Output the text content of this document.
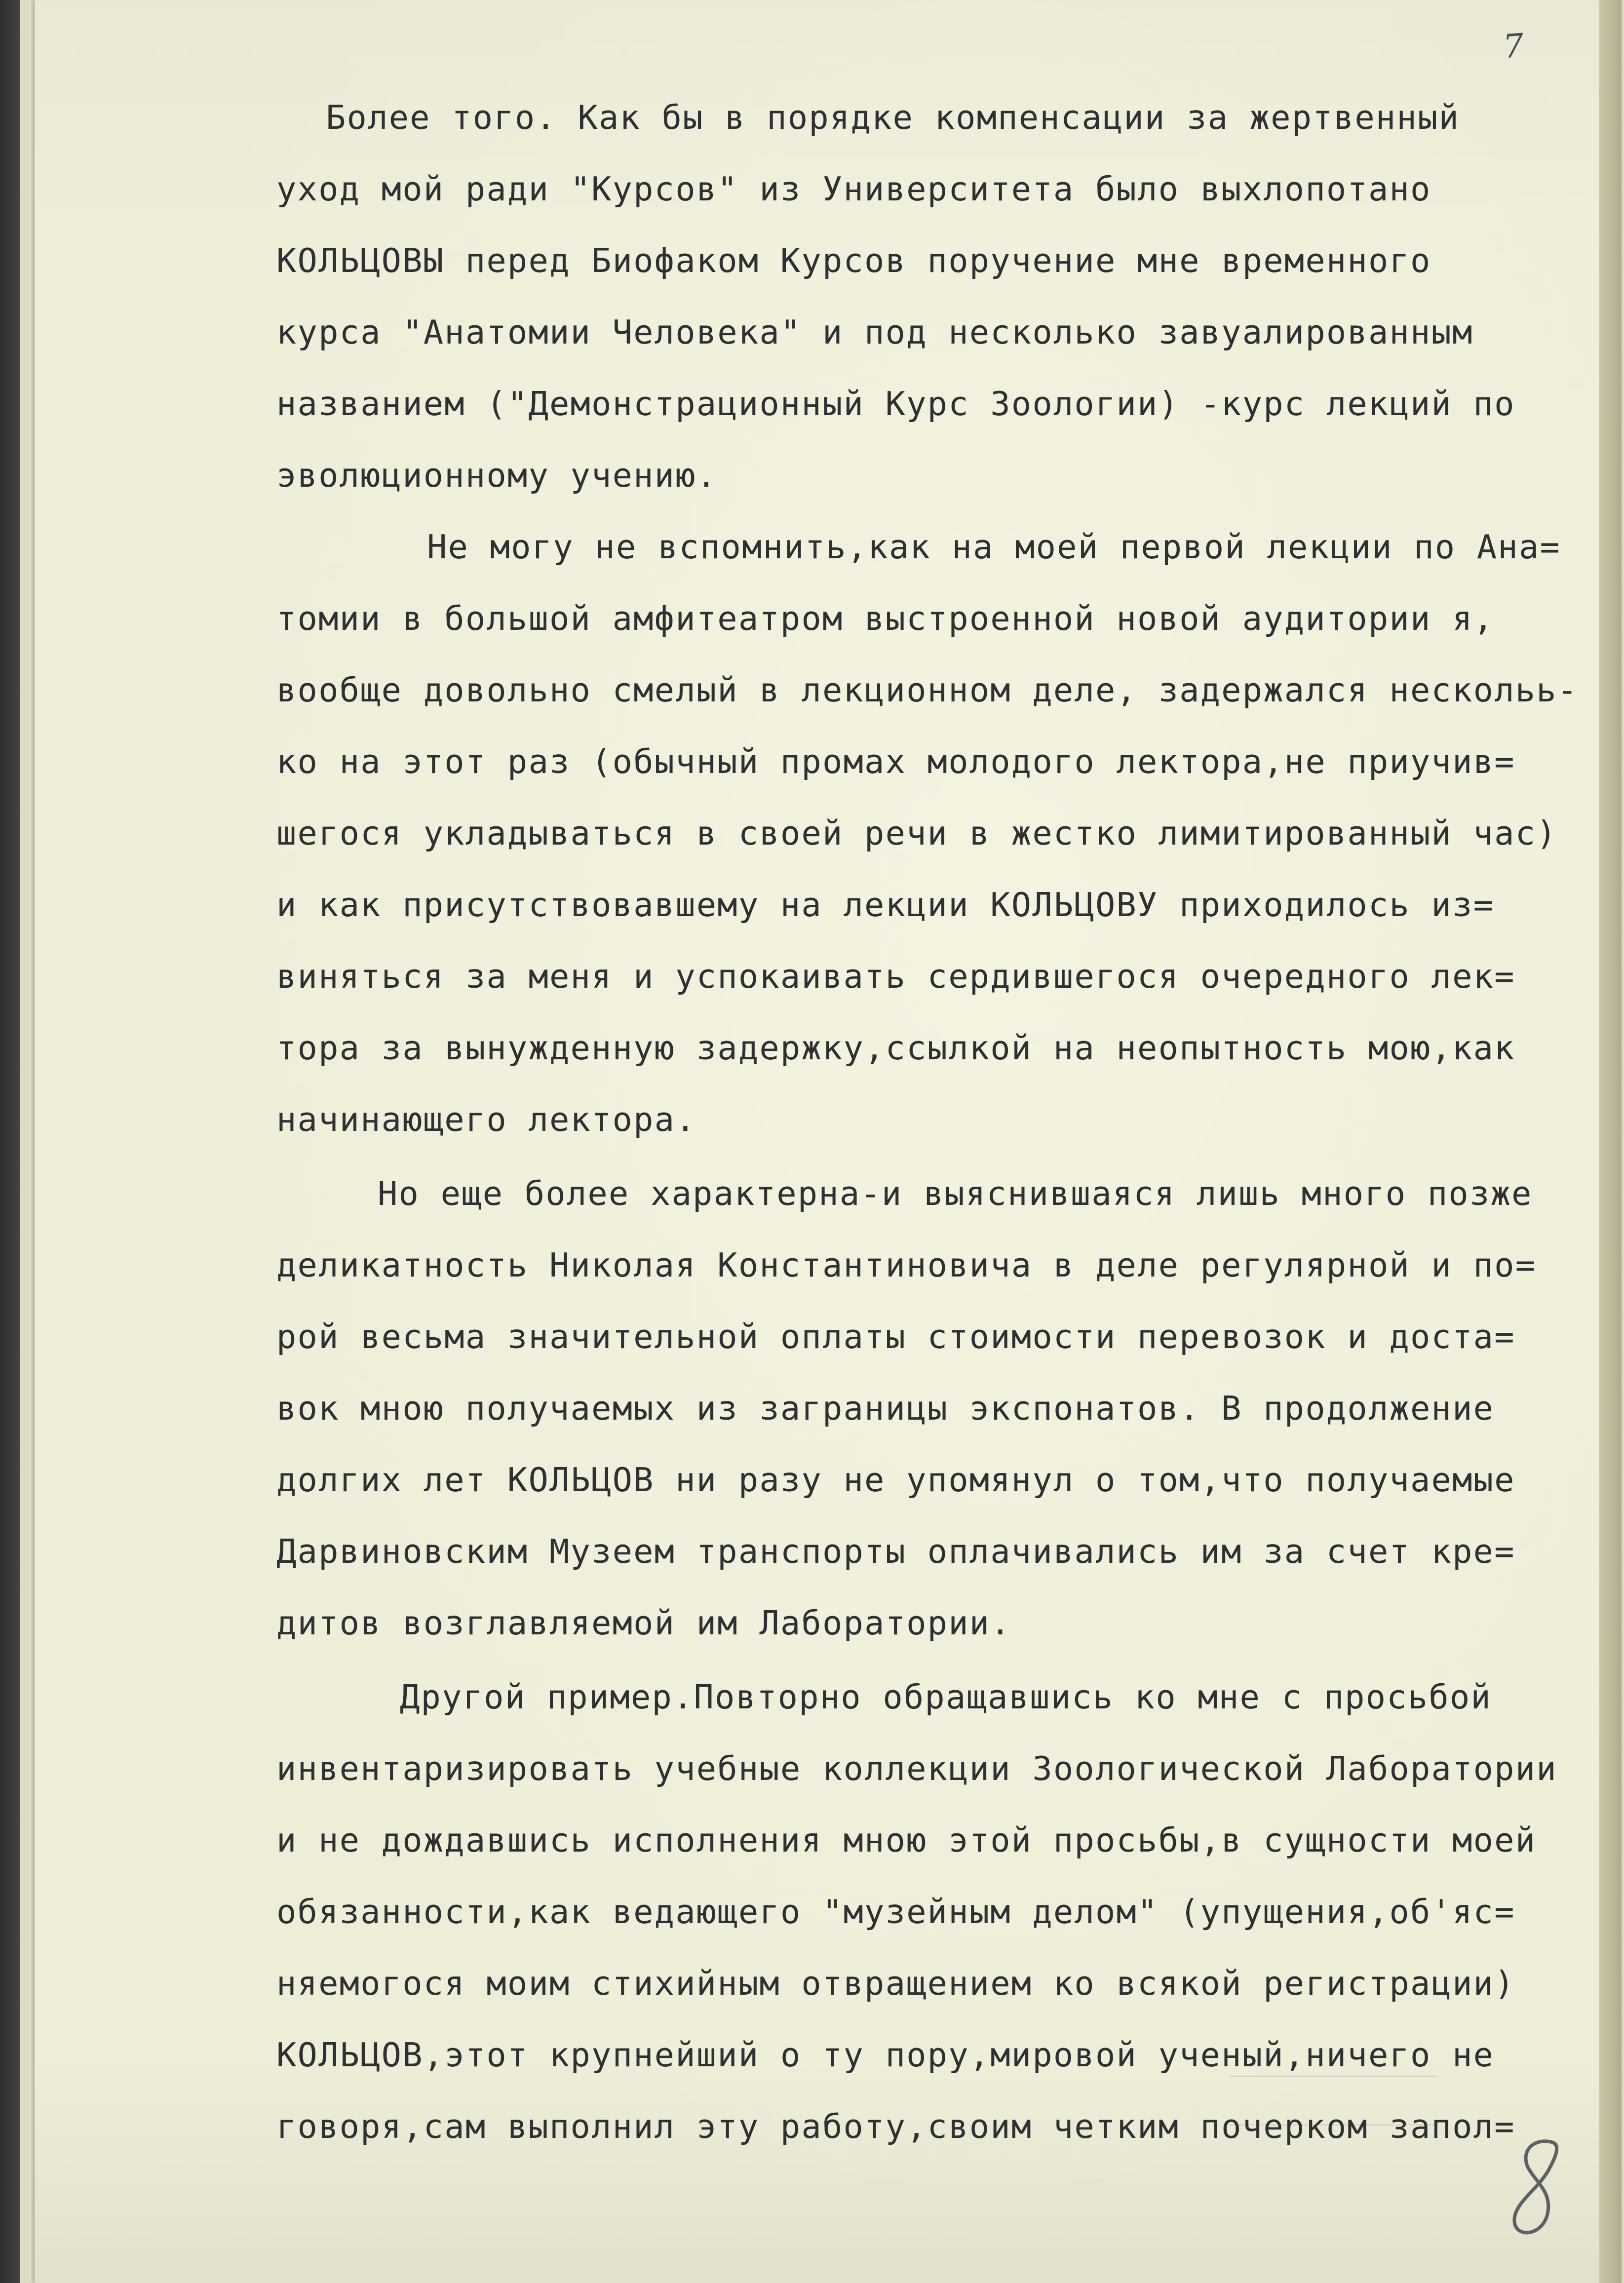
7
Более того. Как бы в порядке компенсации за жертвенный
уход мой ради "Курсов" из Университета было выхлопотано
КОЛЬЦОВЫ перед Биофаком Курсов поручение мне временного
курса "Анатомии Человека" и под несколько завуалированным
названием ("Демонстрационный Курс Зоологии) -курс лекций по
эволюционному учению.
Не могу не вспомнить,как на моей первой лекции по Ана=
томии в большой амфитеатром выстроенной новой аудитории я,
вообще довольно смелый в лекционном деле, задержался нескольь-
ко на этот раз (обычный промах молодого лектора,не приучив=
шегося укладываться в своей речи в жестко лимитированный час)
и как присутствовавшему на лекции КОЛЬЦОВУ приходилось из=
виняться за меня и успокаивать сердившегося очередного лек=
тора за вынужденную задержку,ссылкой на неопытность мою,как
начинающего лектора.
Но еще более характерна-и выяснившаяся лишь много позже
деликатность Николая Константиновича в деле регулярной и по=
рой весьма значительной оплаты стоимости перевозок и доста=
вок мною получаемых из заграницы экспонатов. В продолжение
долгих лет КОЛЬЦОВ ни разу не упомянул о том,что получаемые
Дарвиновским Музеем транспорты оплачивались им за счет кре=
дитов возглавляемой им Лаборатории.
Другой пример.Повторно обращавшись ко мне с просьбой
инвентаризировать учебные коллекции Зоологической Лаборатории
и не дождавшись исполнения мною этой просьбы,в сущности моей
обязанности,как ведающего "музейным делом" (упущения,об'яс=
няемогося моим стихийным отвращением ко всякой регистрации)
КОЛЬЦОВ,этот крупнейший о ту пору,мировой ученый,ничего не
говоря,сам выполнил эту работу,своим четким почерком запол=
